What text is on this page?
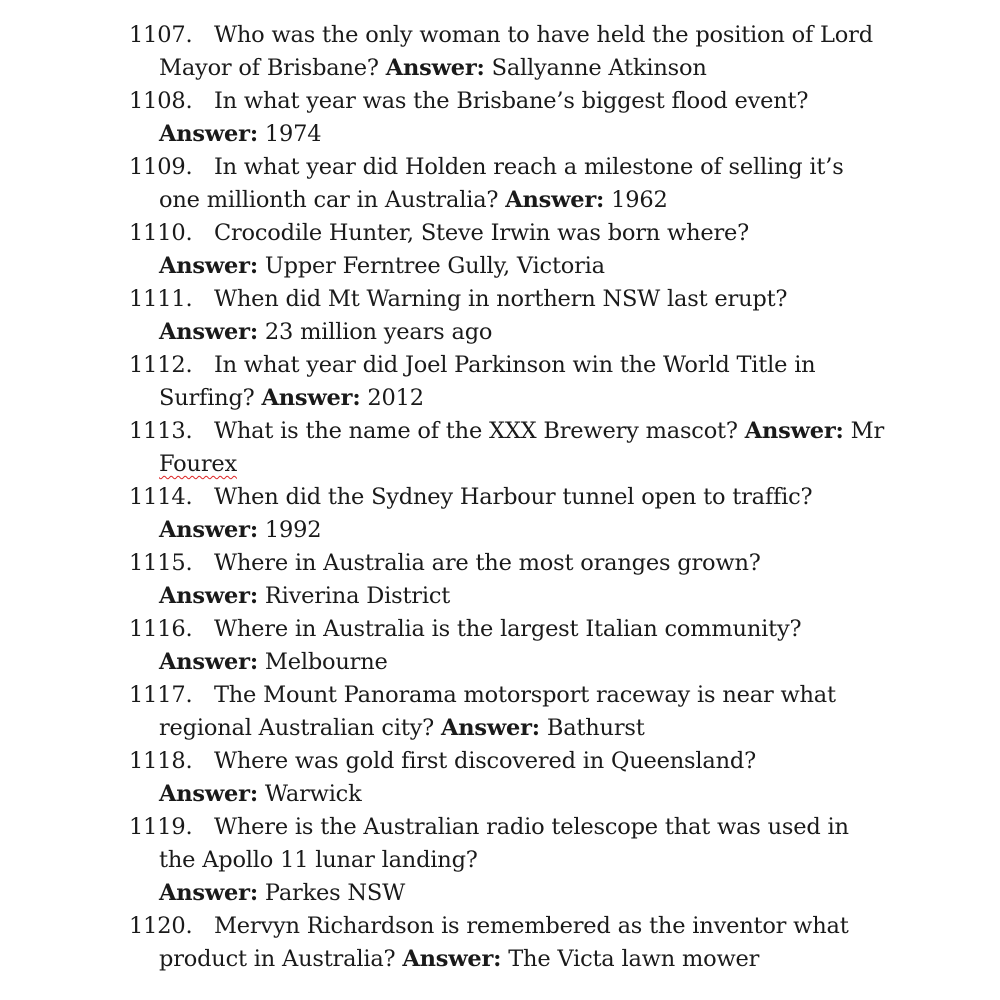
1107. Who was the only woman to have held the position of Lord Mayor of Brisbane? Answer: Sallyanne Atkinson
1108. In what year was the Brisbane’s biggest flood event?
Answer: 1974
1109. In what year did Holden reach a milestone of selling it’s one millionth car in Australia? Answer: 1962
1110. Crocodile Hunter, Steve Irwin was born where?
Answer: Upper Ferntree Gully, Victoria
1111. When did Mt Warning in northern NSW last erupt?
Answer: 23 million years ago
1112. In what year did Joel Parkinson win the World Title in Surfing? Answer: 2012
1113. What is the name of the XXX Brewery mascot? Answer: Mr
Fourex
1114. When did the Sydney Harbour tunnel open to traffic?
Answer: 1992
1115. Where in Australia are the most oranges grown?
Answer: Riverina District
1116. Where in Australia is the largest Italian community?
Answer: Melbourne
1117. The Mount Panorama motorsport raceway is near what regional Australian city? Answer: Bathurst
1118. Where was gold first discovered in Queensland?
Answer: Warwick
1119. Where is the Australian radio telescope that was used in the Apollo 11 lunar landing?
Answer: Parkes NSW
1120. Mervyn Richardson is remembered as the inventor what product in Australia? Answer: The Victa lawn mower
